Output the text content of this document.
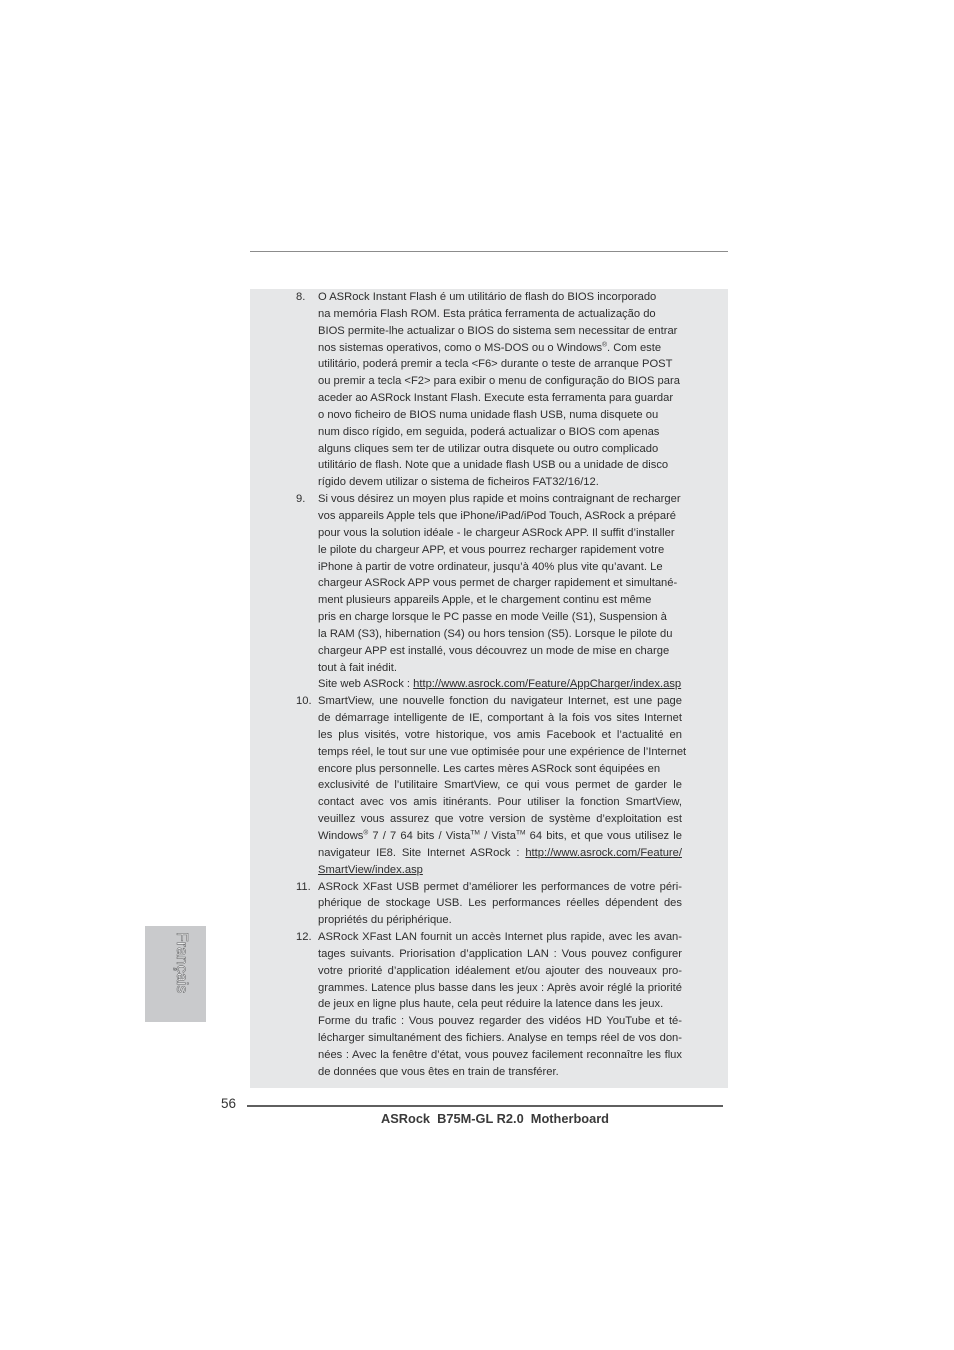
8. O ASRock Instant Flash é um utilitário de flash do BIOS incorporado
na memória Flash ROM. Esta prática ferramenta de actualização do
BIOS permite-lhe actualizar o BIOS do sistema sem necessitar de entrar
nos sistemas operativos, como o MS-DOS ou o Windows®. Com este
utilitário, poderá premir a tecla <F6> durante o teste de arranque POST
ou premir a tecla <F2> para exibir o menu de configuração do BIOS para
aceder ao ASRock Instant Flash. Execute esta ferramenta para guardar
o novo ficheiro de BIOS numa unidade flash USB, numa disquete ou
num disco rígido, em seguida, poderá actualizar o BIOS com apenas
alguns cliques sem ter de utilizar outra disquete ou outro complicado
utilitário de flash. Note que a unidade flash USB ou a unidade de disco
rígido devem utilizar o sistema de ficheiros FAT32/16/12.
9. Si vous désirez un moyen plus rapide et moins contraignant de recharger
vos appareils Apple tels que iPhone/iPad/iPod Touch, ASRock a préparé
pour vous la solution idéale - le chargeur ASRock APP. Il suffit d’installer
le pilote du chargeur APP, et vous pourrez recharger rapidement votre
iPhone à partir de votre ordinateur, jusqu’à 40% plus vite qu’avant. Le
chargeur ASRock APP vous permet de charger rapidement et simultané-
ment plusieurs appareils Apple, et le chargement continu est même
pris en charge lorsque le PC passe en mode Veille (S1), Suspension à
la RAM (S3), hibernation (S4) ou hors tension (S5). Lorsque le pilote du
chargeur APP est installé, vous découvrez un mode de mise en charge
tout à fait inédit.
Site web ASRock : http://www.asrock.com/Feature/AppCharger/index.asp
10. SmartView, une nouvelle fonction du navigateur Internet, est une page
de démarrage intelligente de IE, comportant à la fois vos sites Internet
les plus visités, votre historique, vos amis Facebook et l’actualité en
temps réel, le tout sur une vue optimisée pour une expérience de l’Internet
encore plus personnelle. Les cartes mères ASRock sont équipées en
exclusivité de l’utilitaire SmartView, ce qui vous permet de garder le
contact avec vos amis itinérants. Pour utiliser la fonction SmartView,
veuillez vous assurez que votre version de système d’exploitation est
Windows® 7 / 7 64 bits / Vista™ / Vista™ 64 bits, et que vous utilisez le
navigateur IE8. Site Internet ASRock : http://www.asrock.com/Feature/
SmartView/index.asp
11. ASRock XFast USB permet d’améliorer les performances de votre péri-
phérique de stockage USB. Les performances réelles dépendent des
propriétés du périphérique.
12. ASRock XFast LAN fournit un accès Internet plus rapide, avec les avan-
tages suivants. Priorisation d’application LAN : Vous pouvez configurer
votre priorité d’application idéalement et/ou ajouter des nouveaux pro-
grammes. Latence plus basse dans les jeux : Après avoir réglé la priorité
de jeux en ligne plus haute, cela peut réduire la latence dans les jeux.
Forme du trafic : Vous pouvez regarder des vidéos HD YouTube et té-
lécharger simultanément des fichiers. Analyse en temps réel de vos don-
nées : Avec la fenêtre d’état, vous pouvez facilement reconnaître les flux
de données que vous êtes en train de transférer.
Français
56
ASRock  B75M-GL R2.0  Motherboard
